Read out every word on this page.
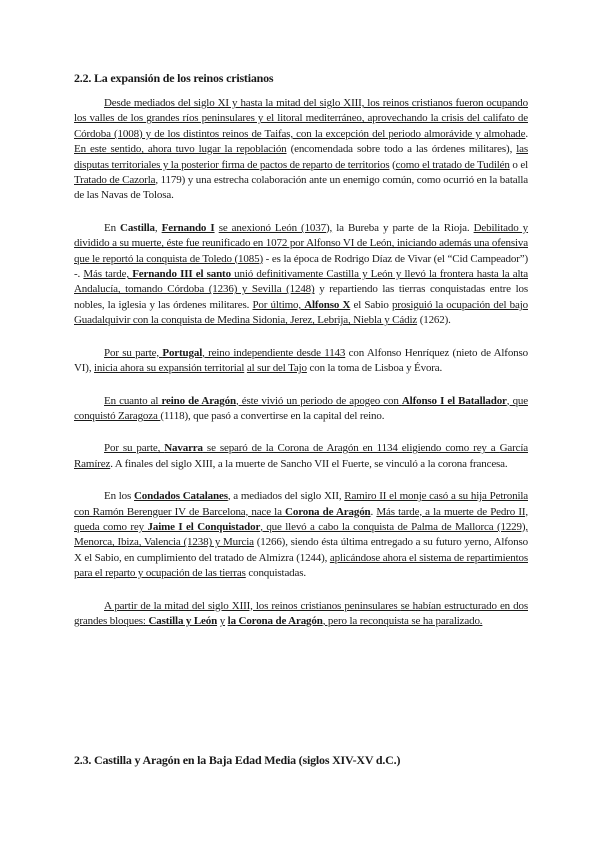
2.2. La expansión de los reinos cristianos

Desde mediados del siglo XI y hasta la mitad del siglo XIII, los reinos cristianos fueron ocupando los valles de los grandes ríos peninsulares y el litoral mediterráneo, aprovechando la crisis del califato de Córdoba (1008) y de los distintos reinos de Taifas, con la excepción del periodo almorávide y almohade. En este sentido, ahora tuvo lugar la repoblación (encomendada sobre todo a las órdenes militares), las disputas territoriales y la posterior firma de pactos de reparto de territorios (como el tratado de Tudilén o el Tratado de Cazorla, 1179) y una estrecha colaboración ante un enemigo común, como ocurrió en la batalla de las Navas de Tolosa.

En Castilla, Fernando I se anexionó León (1037), la Bureba y parte de la Rioja. Debilitado y dividido a su muerte, éste fue reunificado en 1072 por Alfonso VI de León, iniciando además una ofensiva que le reportó la conquista de Toledo (1085) - es la época de Rodrigo Díaz de Vivar (el “Cid Campeador”) -. Más tarde, Fernando III el santo unió definitivamente Castilla y León y llevó la frontera hasta la alta Andalucía, tomando Córdoba (1236) y Sevilla (1248) y repartiendo las tierras conquistadas entre los nobles, la iglesia y las órdenes militares. Por último, Alfonso X el Sabio prosiguió la ocupación del bajo Guadalquivir con la conquista de Medina Sidonia, Jerez, Lebrija, Niebla y Cádiz (1262).

Por su parte, Portugal, reino independiente desde 1143 con Alfonso Henríquez (nieto de Alfonso VI), inicia ahora su expansión territorial al sur del Tajo con la toma de Lisboa y Évora.

En cuanto al reino de Aragón, éste vivió un periodo de apogeo con Alfonso I el Batallador, que conquistó Zaragoza (1118), que pasó a convertirse en la capital del reino.

Por su parte, Navarra se separó de la Corona de Aragón en 1134 eligiendo como rey a García Ramírez. A finales del siglo XIII, a la muerte de Sancho VII el Fuerte, se vinculó a la corona francesa.

En los Condados Catalanes, a mediados del siglo XII, Ramiro II el monje casó a su hija Petronila con Ramón Berenguer IV de Barcelona, nace la Corona de Aragón. Más tarde, a la muerte de Pedro II, queda como rey Jaime I el Conquistador, que llevó a cabo la conquista de Palma de Mallorca (1229), Menorca, Ibiza, Valencia (1238) y Murcia (1266), siendo ésta última entregado a su futuro yerno, Alfonso X el Sabio, en cumplimiento del tratado de Almizra (1244), aplicándose ahora el sistema de repartimientos para el reparto y ocupación de las tierras conquistadas.

A partir de la mitad del siglo XIII, los reinos cristianos peninsulares se habían estructurado en dos grandes bloques: Castilla y León y la Corona de Aragón, pero la reconquista se ha paralizado.

2.3. Castilla y Aragón en la Baja Edad Media (siglos XIV-XV d.C.)
